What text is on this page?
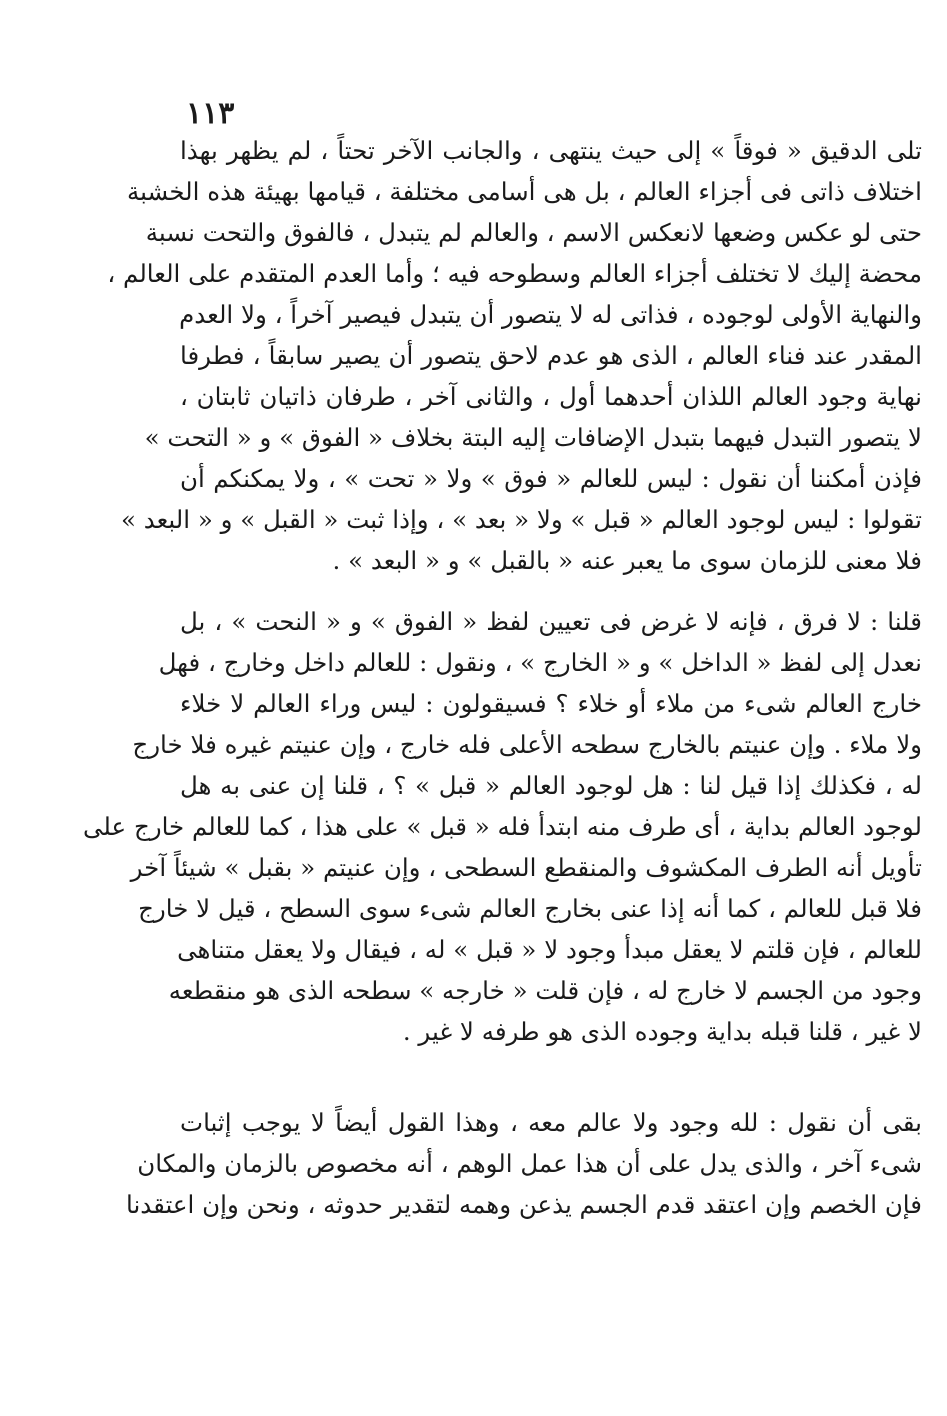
١١٣
تلى الدقيق « فوقاً » إلى حيث ينتهى ، والجانب الآخر تحتاً ، لم يظهر بهذا
اختلاف ذاتى فى أجزاء العالم ، بل هى أسامى مختلفة ، قيامها بهيئة هذه الخشبة
حتى لو عكس وضعها لانعكس الاسم ، والعالم لم يتبدل ، فالفوق والتحت نسبة
محضة إليك لا تختلف أجزاء العالم وسطوحه فيه ؛ وأما العدم المتقدم على العالم ،
والنهاية الأولى لوجوده ، فذاتى له لا يتصور أن يتبدل فيصير آخراً ، ولا العدم
المقدر عند فناء العالم ، الذى هو عدم لاحق يتصور أن يصير سابقاً ، فطرفا
نهاية وجود العالم اللذان أحدهما أول ، والثانى آخر ، طرفان ذاتيان ثابتان ،
لا يتصور التبدل فيهما بتبدل الإضافات إليه البتة بخلاف « الفوق » و « التحت »
فإذن أمكننا أن نقول : ليس للعالم « فوق » ولا « تحت » ، ولا يمكنكم أن
تقولوا : ليس لوجود العالم « قبل » ولا « بعد » ، وإذا ثبت « القبل » و « البعد »
فلا معنى للزمان سوى ما يعبر عنه « بالقبل » و « البعد » .
قلنا : لا فرق ، فإنه لا غرض فى تعيين لفظ « الفوق » و « النحت » ، بل
نعدل إلى لفظ « الداخل » و « الخارج » ، ونقول : للعالم داخل وخارج ، فهل
خارج العالم شىء من ملاء أو خلاء ؟ فسيقولون : ليس وراء العالم لا خلاء
ولا ملاء . وإن عنيتم بالخارج سطحه الأعلى فله خارج ، وإن عنيتم غيره فلا خارج
له ، فكذلك إذا قيل لنا : هل لوجود العالم « قبل » ؟ ، قلنا إن عنى به هل
لوجود العالم بداية ، أى طرف منه ابتدأ فله « قبل » على هذا ، كما للعالم خارج على
تأويل أنه الطرف المكشوف والمنقطع السطحى ، وإن عنيتم « بقبل » شيئاً آخر
فلا قبل للعالم ، كما أنه إذا عنى بخارج العالم شىء سوى السطح ، قيل لا خارج
للعالم ، فإن قلتم لا يعقل مبدأ وجود لا « قبل » له ، فيقال ولا يعقل متناهى
وجود من الجسم لا خارج له ، فإن قلت « خارجه » سطحه الذى هو منقطعه
لا غير ، قلنا قبله بداية وجوده الذى هو طرفه لا غير .
بقى أن نقول : لله وجود ولا عالم معه ، وهذا القول أيضاً لا يوجب إثبات
شىء آخر ، والذى يدل على أن هذا عمل الوهم ، أنه مخصوص بالزمان والمكان
فإن الخصم وإن اعتقد قدم الجسم يذعن وهمه لتقدير حدوثه ، ونحن وإن اعتقدنا
